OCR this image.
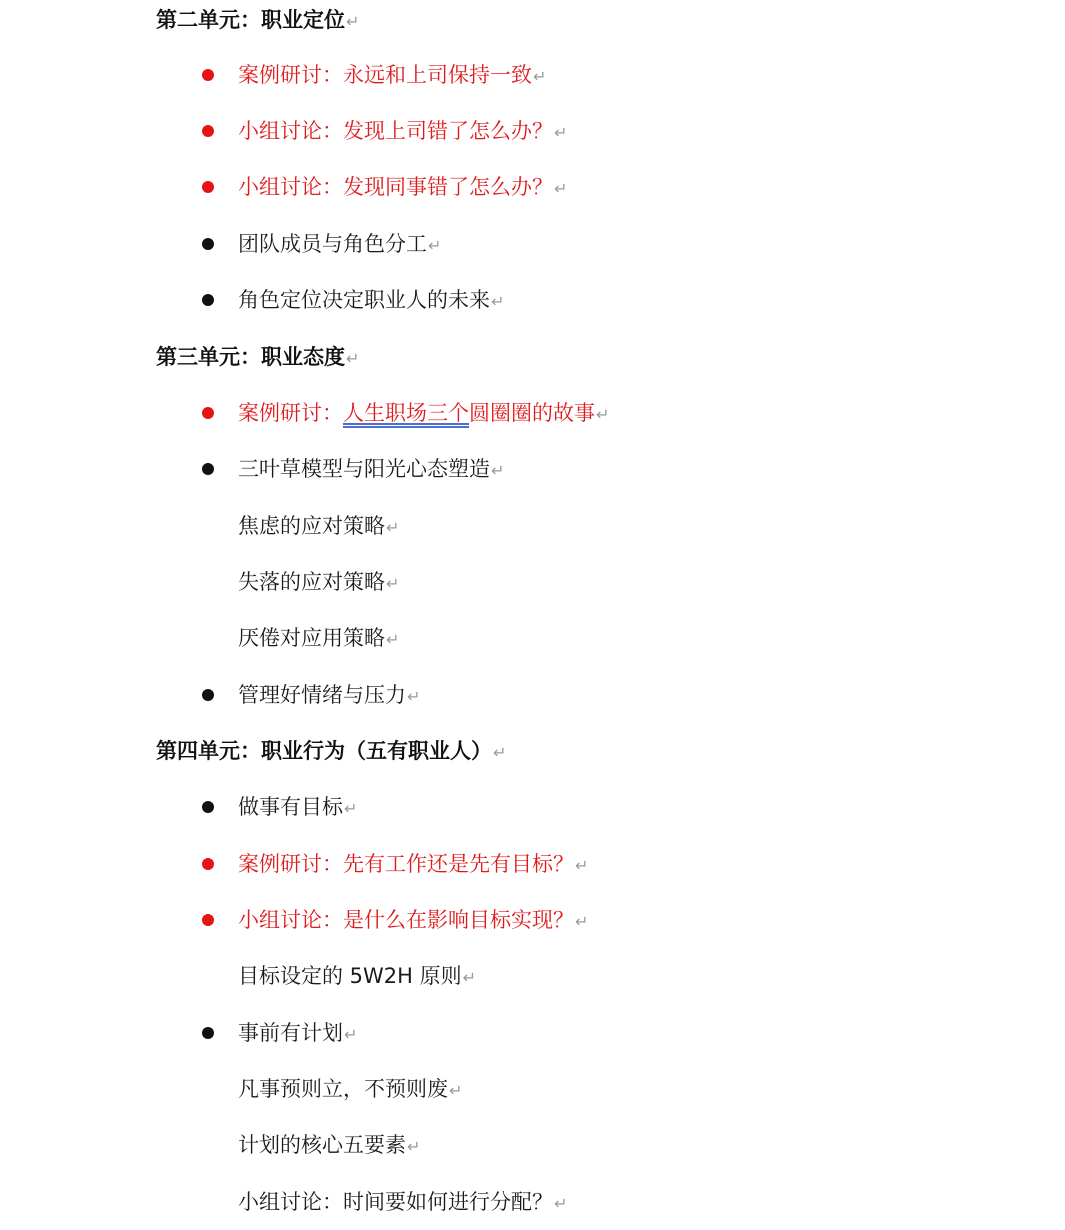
第二单元：职业定位↵
案例研讨：永远和上司保持一致↵
小组讨论：发现上司错了怎么办？↵
小组讨论：发现同事错了怎么办？↵
团队成员与角色分工↵
角色定位决定职业人的未来↵
第三单元：职业态度↵
案例研讨：人生职场三个圆圈圈的故事↵
三叶草模型与阳光心态塑造↵
焦虑的应对策略↵
失落的应对策略↵
厌倦对应用策略↵
管理好情绪与压力↵
第四单元：职业行为（五有职业人）↵
做事有目标↵
案例研讨：先有工作还是先有目标？↵
小组讨论：是什么在影响目标实现？↵
目标设定的 5W2H 原则↵
事前有计划↵
凡事预则立，不预则废↵
计划的核心五要素↵
小组讨论：时间要如何进行分配？↵
